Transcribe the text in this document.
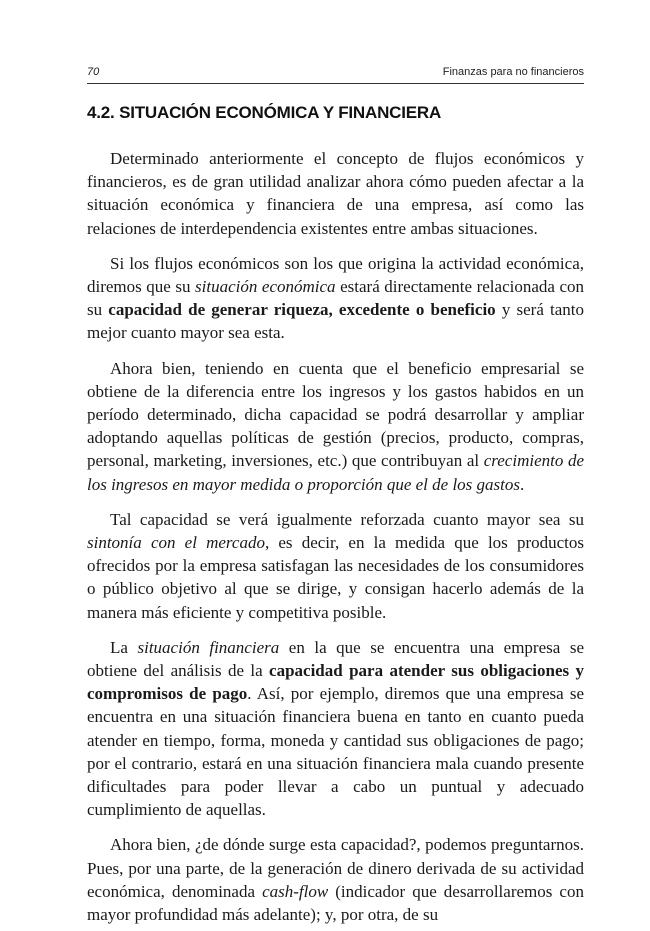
70	Finanzas para no financieros
4.2. SITUACIÓN ECONÓMICA Y FINANCIERA

Determinado anteriormente el concepto de flujos económicos y financieros, es de gran utilidad analizar ahora cómo pueden afectar a la situación económica y financiera de una empresa, así como las relaciones de interdependencia existentes entre ambas situaciones.

Si los flujos económicos son los que origina la actividad económica, diremos que su situación económica estará directamente relacionada con su capacidad de generar riqueza, excedente o beneficio y será tanto mejor cuanto mayor sea esta.

Ahora bien, teniendo en cuenta que el beneficio empresarial se obtiene de la diferencia entre los ingresos y los gastos habidos en un período determinado, dicha capacidad se podrá desarrollar y ampliar adoptando aquellas políticas de gestión (precios, producto, compras, personal, marketing, inversiones, etc.) que contribuyan al crecimiento de los ingresos en mayor medida o proporción que el de los gastos.

Tal capacidad se verá igualmente reforzada cuanto mayor sea su sintonía con el mercado, es decir, en la medida que los productos ofrecidos por la empresa satisfagan las necesidades de los consumidores o público objetivo al que se dirige, y consigan hacerlo además de la manera más eficiente y competitiva posible.

La situación financiera en la que se encuentra una empresa se obtiene del análisis de la capacidad para atender sus obligaciones y compromisos de pago. Así, por ejemplo, diremos que una empresa se encuentra en una situación financiera buena en tanto en cuanto pueda atender en tiempo, forma, moneda y cantidad sus obligaciones de pago; por el contrario, estará en una situación financiera mala cuando presente dificultades para poder llevar a cabo un puntual y adecuado cumplimiento de aquellas.

Ahora bien, ¿de dónde surge esta capacidad?, podemos preguntarnos. Pues, por una parte, de la generación de dinero derivada de su actividad económica, denominada cash-flow (indicador que desarrollaremos con mayor profundidad más adelante); y, por otra, de su
